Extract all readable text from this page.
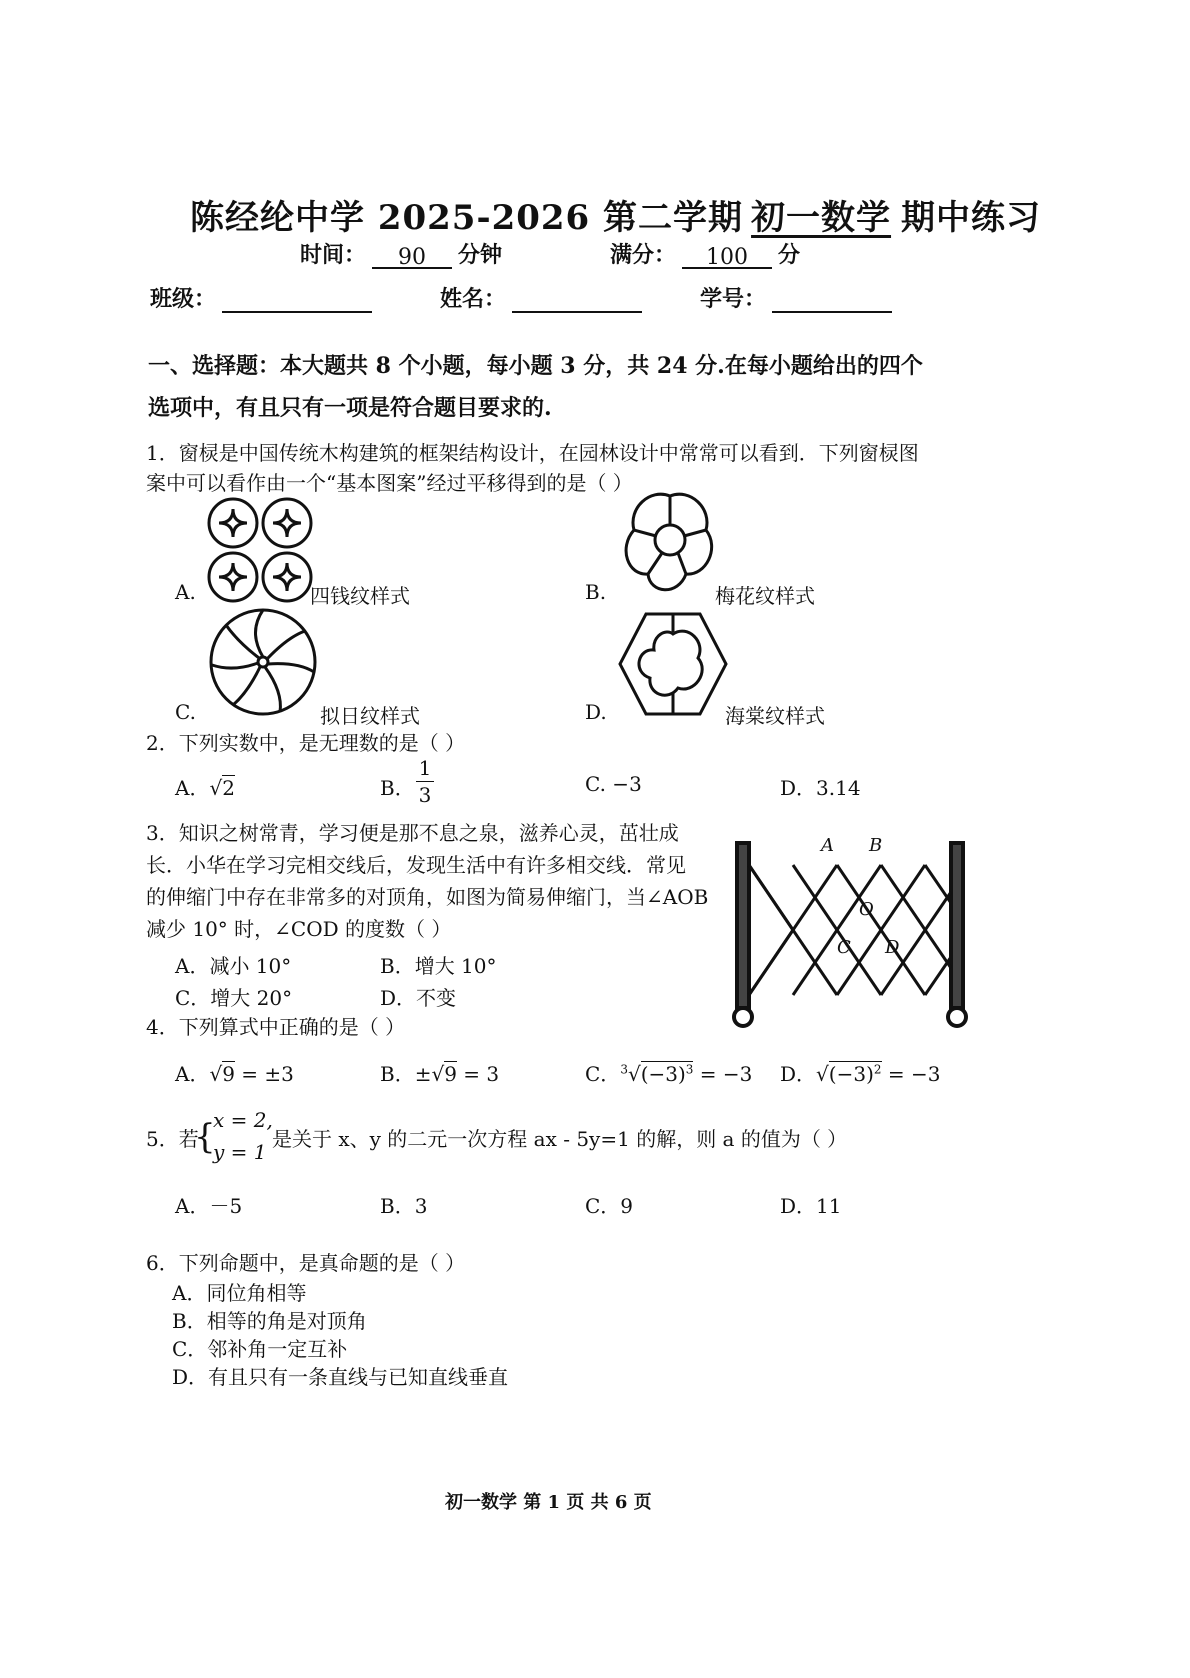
陈经纶中学 2025-2026 第二学期 初一数学 期中练习
时间： 90 分钟	满分： 100 分
班级：	姓名：	学号：
一、选择题：本大题共 8 个小题，每小题 3 分，共 24 分.在每小题给出的四个
选项中，有且只有一项是符合题目要求的.
1．窗棂是中国传统木构建筑的框架结构设计，在园林设计中常常可以看到．下列窗棂图
案中可以看作由一个“基本图案”经过平移得到的是（ ）
A.	四钱纹样式	B.	梅花纹样式
C.	拟日纹样式	D.	海棠纹样式
2．下列实数中，是无理数的是（ ）
A．√2	B． $\frac{1}{3}$	C. −3	D．3.14
3．知识之树常青，学习便是那不息之泉，滋养心灵，茁壮成
长．小华在学习完相交线后，发现生活中有许多相交线．常见
的伸缩门中存在非常多的对顶角，如图为简易伸缩门，当∠AOB
减少 10° 时，∠COD 的度数（ ）
A．减小 10°	B．增大 10°
C．增大 20°	D．不变
A B
O
C D
4．下列算式中正确的是（ ）
A．√9 = ±3	B．±√9 = 3	C．$^3√(-3)^3 = -3$ D．$√(-3)^2 = -3$
5．若
{
x = 2,
y = 1
是关于 x、y 的二元一次方程 ax - 5y=1 的解，则 a 的值为（ ）
A．－5	B．3	C．9	D．11
6．下列命题中，是真命题的是（ ）
A．同位角相等
B．相等的角是对顶角
C．邻补角一定互补
D．有且只有一条直线与已知直线垂直
初一数学 第 1 页 共 6 页
